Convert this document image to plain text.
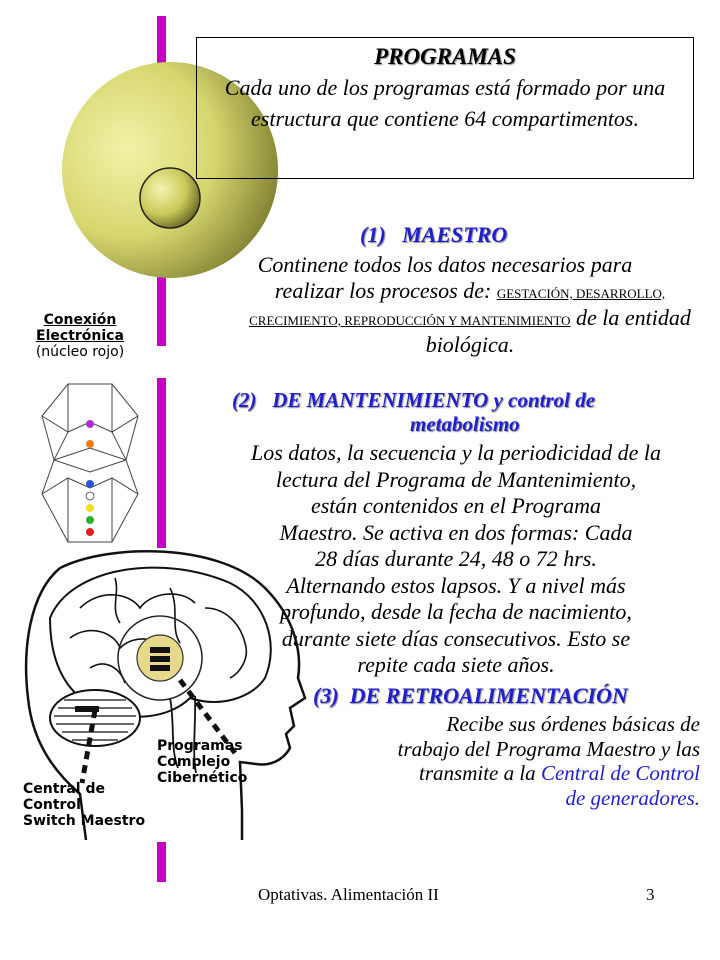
PROGRAMAS
Cada uno de los programas está formado por una estructura que contiene 64 compartimentos.
(1)   MAESTRO
Continene todos los datos necesarios para
realizar los procesos de: GESTACIÓN, DESARROLLO, CRECIMIENTO, REPRODUCCIÓN Y MANTENIMIENTO de la entidad biológica.
Conexión
Electrónica
(núcleo rojo)
(2)   DE MANTENIMIENTO y control de
metabolismo
Los datos, la secuencia y la periodicidad de la
lectura del Programa de Mantenimiento,
están contenidos en el Programa
Maestro. Se activa en dos formas: Cada
28 días durante 24, 48 o 72 hrs.
Alternando estos lapsos. Y a nivel más
profundo, desde la fecha de nacimiento,
durante siete días consecutivos. Esto se
repite cada siete años.
Programas
Complejo
Cibernético
Central de
Control
Switch Maestro
(3)  DE RETROALIMENTACIÓN
Recibe sus órdenes básicas de
trabajo del Programa Maestro y las
transmite a la Central de Control
de generadores.
Optativas. Alimentación II	3
